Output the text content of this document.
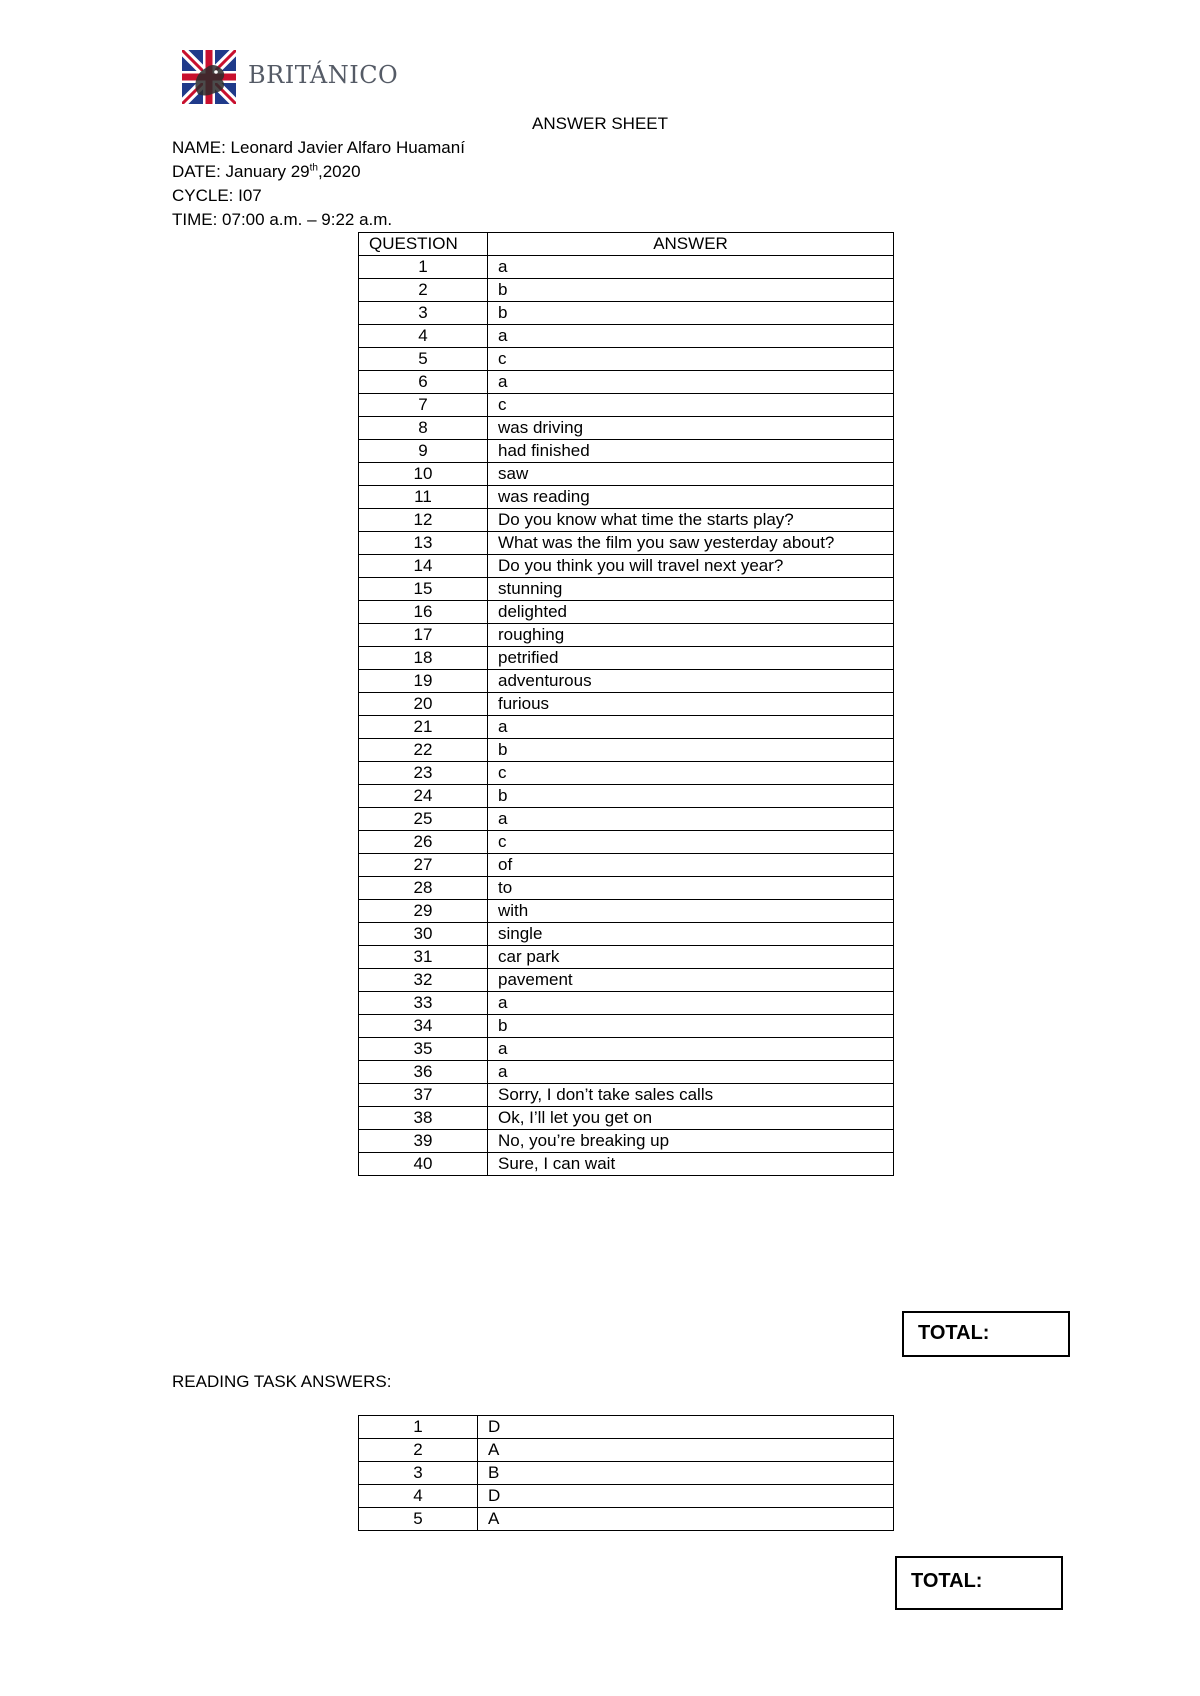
BRITÁNICO
ANSWER SHEET
NAME: Leonard Javier Alfaro Huamaní
DATE: January 29th,2020
CYCLE: I07
TIME: 07:00 a.m. – 9:22 a.m.
QUESTION	ANSWER
1	a
2	b
3	b
4	a
5	c
6	a
7	c
8	was driving
9	had finished
10	saw
11	was reading
12	Do you know what time the starts play?
13	What was the film you saw yesterday about?
14	Do you think you will travel next year?
15	stunning
16	delighted
17	roughing
18	petrified
19	adventurous
20	furious
21	a
22	b
23	c
24	b
25	a
26	c
27	of
28	to
29	with
30	single
31	car park
32	pavement
33	a
34	b
35	a
36	a
37	Sorry, I don’t take sales calls
38	Ok, I’ll let you get on
39	No, you’re breaking up
40	Sure, I can wait
TOTAL:
READING TASK ANSWERS:
1	D
2	A
3	B
4	D
5	A
TOTAL:
